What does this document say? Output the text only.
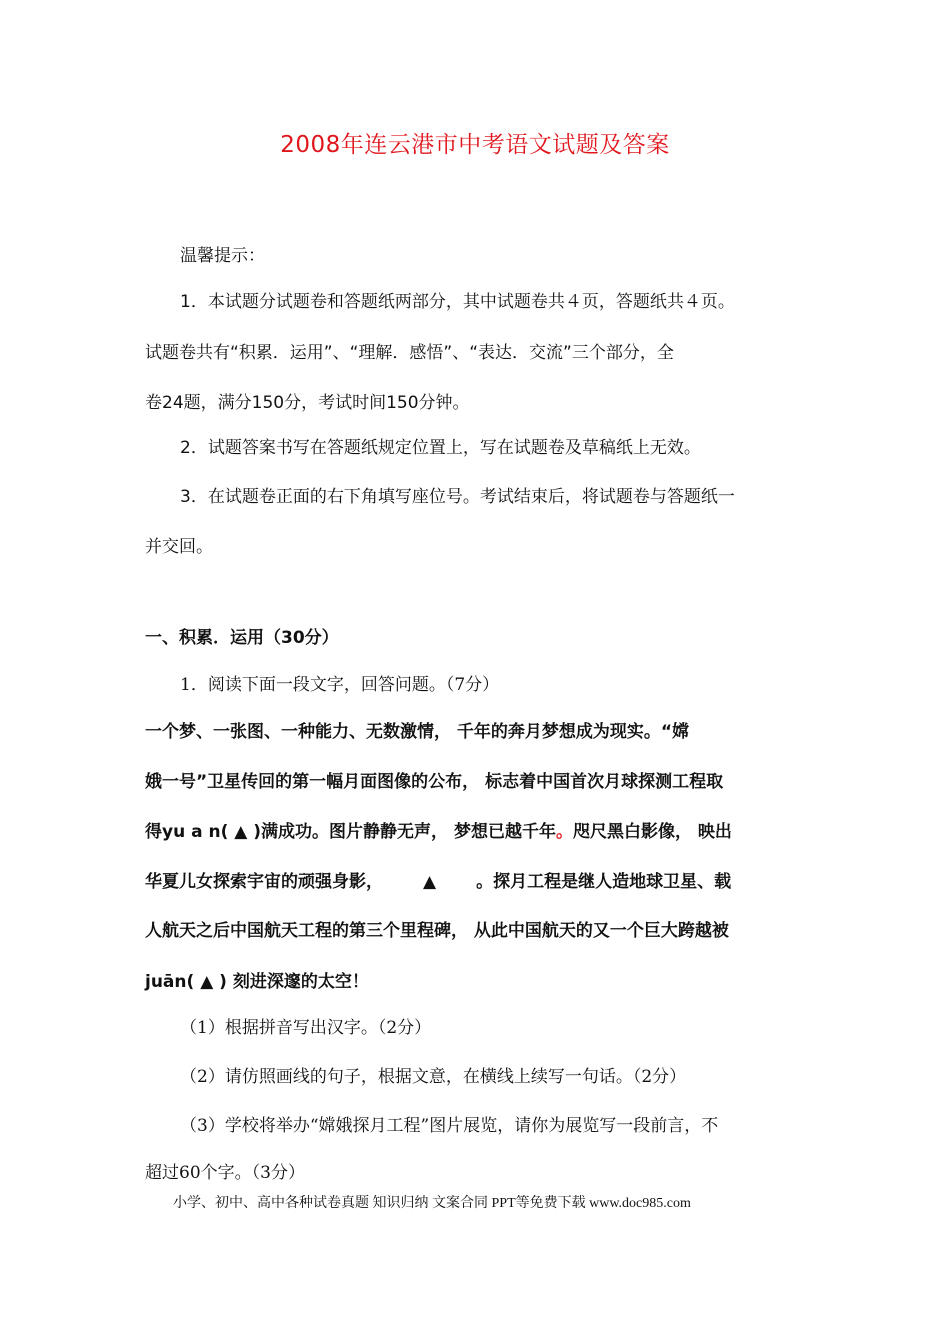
2008年连云港市中考语文试题及答案
温馨提示：
1．本试题分试题卷和答题纸两部分，其中试题卷共４页，答题纸共４页。
试题卷共有“积累．运用”、“理解．感悟”、“表达．交流”三个部分，全
卷24题，满分150分，考试时间150分钟。
2．试题答案书写在答题纸规定位置上，写在试题卷及草稿纸上无效。
3．在试题卷正面的右下角填写座位号。考试结束后，将试题卷与答题纸一
并交回。
一、积累．运用（30分）
1．阅读下面一段文字，回答问题。（7分）
一个梦、一张图、一种能力、无数激情， 千年的奔月梦想成为现实。“嫦
娥一号”卫星传回的第一幅月面图像的公布， 标志着中国首次月球探测工程取
得yu a n( ▲ )满成功。图片静静无声， 梦想已越千年。咫尺黑白影像， 映出
华夏儿女探索宇宙的顽强身影， ▲ 。探月工程是继人造地球卫星、载
人航天之后中国航天工程的第三个里程碑， 从此中国航天的又一个巨大跨越被
juān( ▲ ) 刻进深邃的太空！
（1）根据拼音写出汉字。（2分）
（2）请仿照画线的句子，根据文意，在横线上续写一句话。（2分）
（3）学校将举办“嫦娥探月工程”图片展览，请你为展览写一段前言，不
超过60个字。（3分）
小学、初中、高中各种试卷真题 知识归纳 文案合同 PPT等免费下载 www.doc985.com
